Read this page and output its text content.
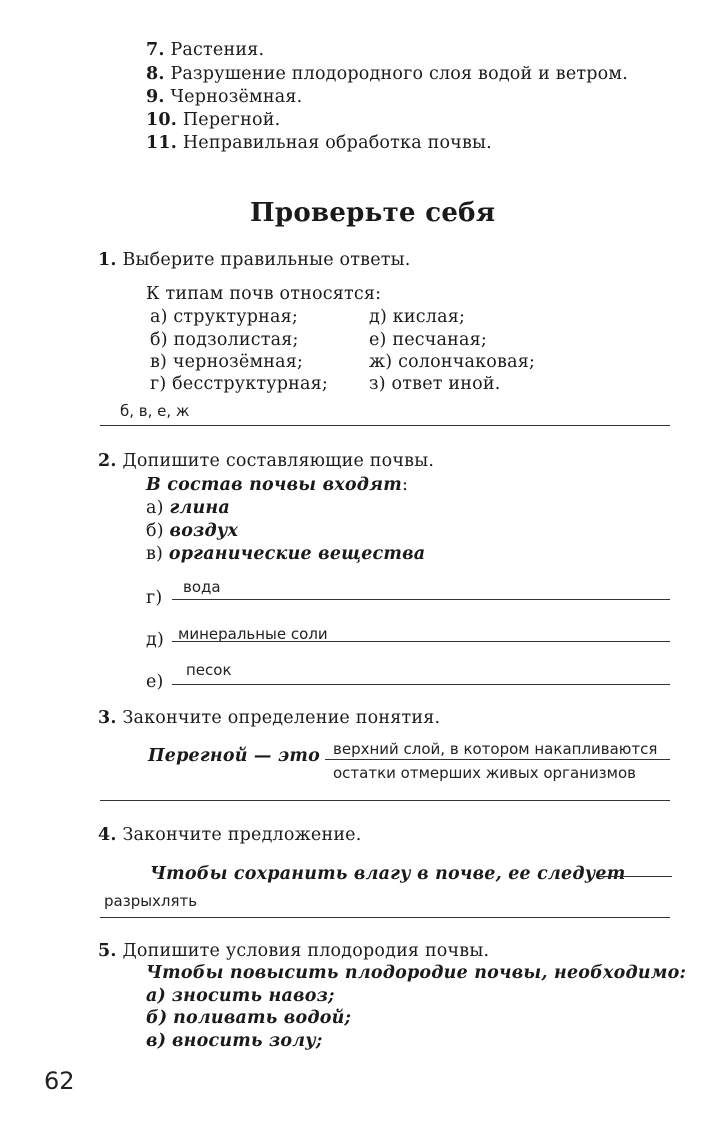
7. Растения.
8. Разрушение плодородного слоя водой и ветром.
9. Чернозёмная.
10. Перегной.
11. Неправильная обработка почвы.
Проверьте себя
1. Выберите правильные ответы.
К типам почв относятся:
а) структурная;
б) подзолистая;
в) чернозёмная;
г) бесструктурная;
д) кислая;
е) песчаная;
ж) солончаковая;
з) ответ иной.
б, в, е, ж
2. Допишите составляющие почвы.
В состав почвы входят:
а) глина
б) воздух
в) органические вещества
г)
вода
д) минеральные соли
е)
песок
3. Закончите определение понятия.
Перегной — это верхний слой, в котором накапливаются
остатки отмерших живых организмов
4. Закончите предложение.
Чтобы сохранить влагу в почве, ее следует
разрыхлять
5. Допишите условия плодородия почвы.
Чтобы повысить плодородие почвы, необходимо:
а) зносить навоз;
б) поливать водой;
в) вносить золу;
62
